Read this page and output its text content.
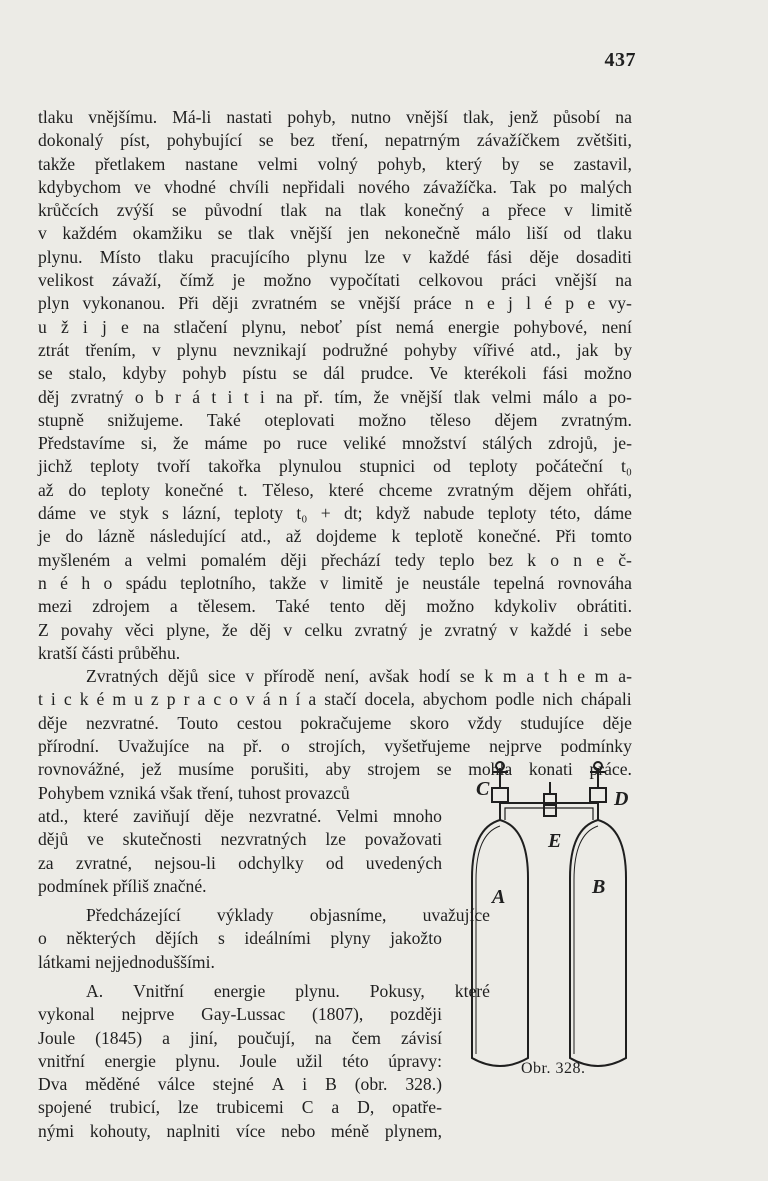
437
tlaku vnějšímu. Má-li nastati pohyb, nutno vnější tlak, jenž působí na
dokonalý píst, pohybující se bez tření, nepatrným závažíčkem zvětšiti,
takže přetlakem nastane velmi volný pohyb, který by se zastavil,
kdybychom ve vhodné chvíli nepřidali nového závažíčka. Tak po malých
krůčcích zvýší se původní tlak na tlak konečný a přece v limitě
v každém okamžiku se tlak vnější jen nekonečně málo liší od tlaku
plynu. Místo tlaku pracujícího plynu lze v každé fási děje dosaditi
velikost závaží, čímž je možno vypočítati celkovou práci vnější na
plyn vykonanou. Při ději zvratném se vnější práce n e j l é p e vy-
u ž i j e na stlačení plynu, neboť píst nemá energie pohybové, není
ztrát třením, v plynu nevznikají podružné pohyby vířivé atd., jak by
se stalo, kdyby pohyb pístu se dál prudce. Ve kterékoli fási možno
děj zvratný o b r á t i t i na př. tím, že vnější tlak velmi málo a po-
stupně snižujeme. Také oteplovati možno těleso dějem zvratným.
Představíme si, že máme po ruce veliké množství stálých zdrojů, je-
jichž teploty tvoří takořka plynulou stupnici od teploty počáteční t₀
až do teploty konečné t. Těleso, které chceme zvratným dějem ohřáti,
dáme ve styk s lázní, teploty t₀ + dt; když nabude teploty této, dáme
je do lázně následující atd., až dojdeme k teplotě konečné. Při tomto
myšleném a velmi pomalém ději přechází tedy teplo bez k o n e č-
n é h o spádu teplotního, takže v limitě je neustále tepelná rovnováha
mezi zdrojem a tělesem. Také tento děj možno kdykoliv obrátiti.
Z povahy věci plyne, že děj v celku zvratný je zvratný v každé i sebe
kratší části průběhu.
Zvratných dějů sice v přírodě není, avšak hodí se k m a t h e m a-
t i c k é m u z p r a c o v á n í a stačí docela, abychom podle nich chápali
děje nezvratné. Touto cestou pokračujeme skoro vždy studujíce děje
přírodní. Uvažujíce na př. o strojích, vyšetřujeme nejprve podmínky
rovnovážné, jež musíme porušiti, aby strojem se mohla konati práce.
Pohybem vzniká však tření, tuhost provazců
atd., které zaviňují děje nezvratné. Velmi mnoho
dějů ve skutečnosti nezvratných lze považovati
za zvratné, nejsou-li odchylky od uvedených
podmínek příliš značné.
Předcházející výklady objasníme, uvažujíce
o některých dějích s ideálními plyny jakožto
látkami nejjednoduššími.
A. Vnitřní energie plynu. Pokusy, které
vykonal nejprve Gay-Lussac (1807), později
Joule (1845) a jiní, poučují, na čem závisí
vnitřní energie plynu. Joule užil této úpravy:
Dva měděné válce stejné A i B (obr. 328.)
spojené trubicí, lze trubicemi C a D, opatře-
nými kohouty, naplniti více nebo méně plynem,
C	D
E
A	B
Obr. 328.
